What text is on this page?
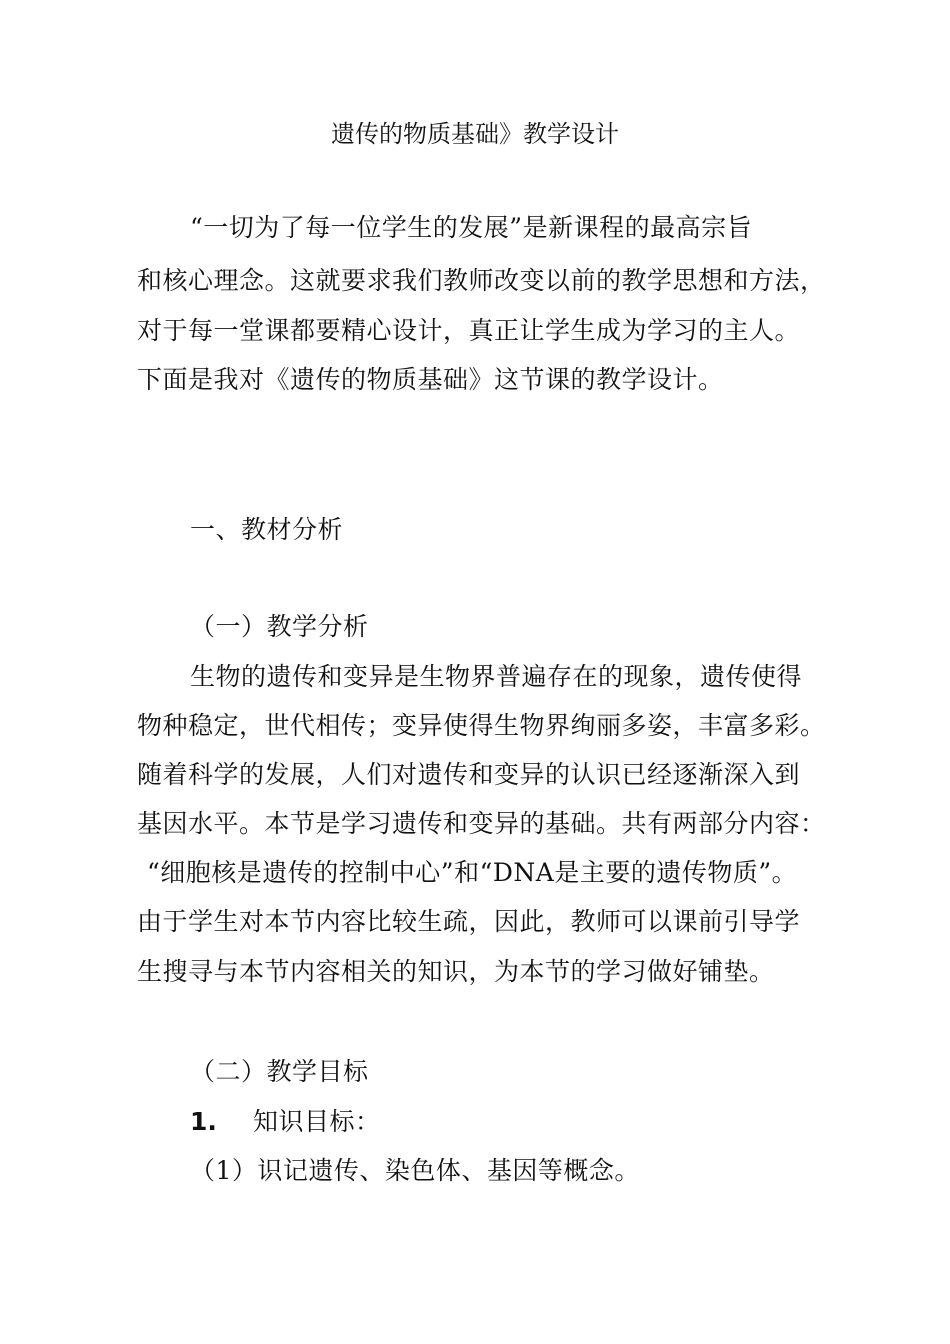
遗传的物质基础》教学设计
“一切为了每一位学生的发展”是新课程的最高宗旨
和核心理念。这就要求我们教师改变以前的教学思想和方法，
对于每一堂课都要精心设计，真正让学生成为学习的主人。
下面是我对《遗传的物质基础》这节课的教学设计。
一、教材分析
（一）教学分析
生物的遗传和变异是生物界普遍存在的现象，遗传使得
物种稳定，世代相传；变异使得生物界绚丽多姿，丰富多彩。
随着科学的发展，人们对遗传和变异的认识已经逐渐深入到
基因水平。本节是学习遗传和变异的基础。共有两部分内容：
“细胞核是遗传的控制中心”和“DNA是主要的遗传物质”。
由于学生对本节内容比较生疏，因此，教师可以课前引导学
生搜寻与本节内容相关的知识，为本节的学习做好铺垫。
（二）教学目标
1. 知识目标：
（1）识记遗传、染色体、基因等概念。
